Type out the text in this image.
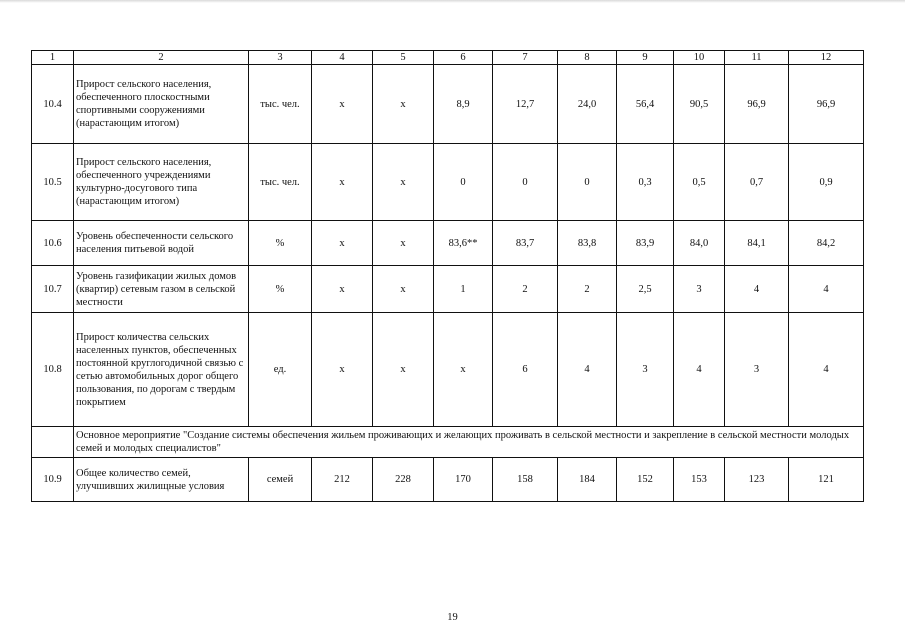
1	2	3	4	5	6	7	8	9	10	11	12
10.4	Прирост сельского населения, обеспеченного плоскостными спортивными сооружениями (нарастающим итогом)	тыс. чел.	х	х	8,9	12,7	24,0	56,4	90,5	96,9	96,9
10.5	Прирост сельского населения, обеспеченного учреждениями культурно-досугового типа (нарастающим итогом)	тыс. чел.	х	х	0	0	0	0,3	0,5	0,7	0,9
10.6	Уровень обеспеченности сельского населения питьевой водой	%	х	х	83,6**	83,7	83,8	83,9	84,0	84,1	84,2
10.7	Уровень газификации жилых домов (квартир) сетевым газом в сельской местности	%	х	х	1	2	2	2,5	3	4	4
10.8	Прирост количества сельских населенных пунктов, обеспеченных постоянной круглогодичной связью с сетью автомобильных дорог общего пользования, по дорогам с твердым покрытием	ед.	х	х	х	6	4	3	4	3	4
	Основное мероприятие "Создание системы обеспечения жильем проживающих и желающих проживать в сельской местности и закрепление в сельской местности молодых семей и молодых специалистов"										
10.9	Общее количество семей, улучшивших жилищные условия	семей	212	228	170	158	184	152	153	123	121
19
